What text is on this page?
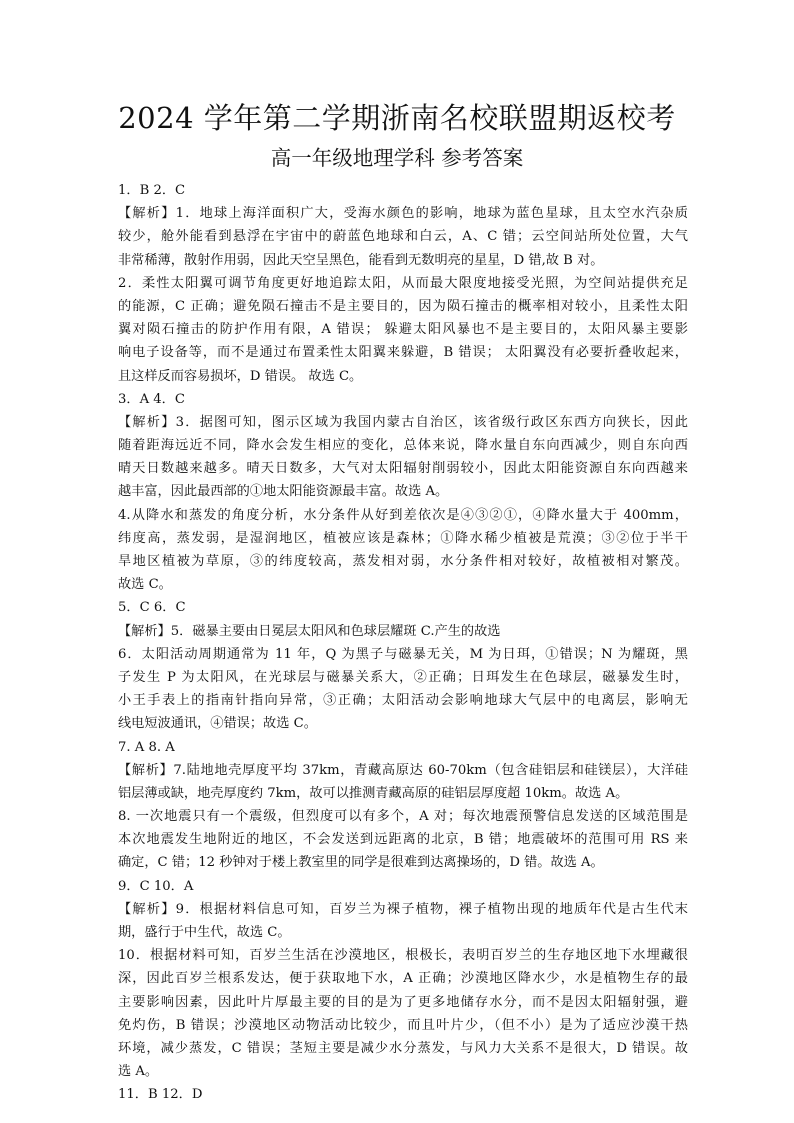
2024 学年第二学期浙南名校联盟期返校考
高一年级地理学科 参考答案
1．B 2．C
【解析】1．地球上海洋面积广大，受海水颜色的影响，地球为蓝色星球，且太空水汽杂质
较少，舱外能看到悬浮在宇宙中的蔚蓝色地球和白云，A、C 错；云空间站所处位置，大气
非常稀薄，散射作用弱，因此天空呈黑色，能看到无数明亮的星星，D 错,故 B 对。
2．柔性太阳翼可调节角度更好地追踪太阳，从而最大限度地接受光照，为空间站提供充足
的能源，C 正确；避免陨石撞击不是主要目的，因为陨石撞击的概率相对较小，且柔性太阳
翼对陨石撞击的防护作用有限，A 错误； 躲避太阳风暴也不是主要目的，太阳风暴主要影
响电子设备等，而不是通过布置柔性太阳翼来躲避，B 错误； 太阳翼没有必要折叠收起来，
且这样反而容易损坏，D 错误。 故选 C。
3．A 4．C
【解析】3．据图可知，图示区域为我国内蒙古自治区，该省级行政区东西方向狭长，因此
随着距海远近不同，降水会发生相应的变化，总体来说，降水量自东向西减少，则自东向西
晴天日数越来越多。晴天日数多，大气对太阳辐射削弱较小，因此太阳能资源自东向西越来
越丰富，因此最西部的①地太阳能资源最丰富。故选 A。
4.从降水和蒸发的角度分析，水分条件从好到差依次是④③②①，④降水量大于 400mm，
纬度高，蒸发弱，是湿润地区，植被应该是森林；①降水稀少植被是荒漠；③②位于半干
旱地区植被为草原，③的纬度较高，蒸发相对弱，水分条件相对较好，故植被相对繁茂。
故选 C。
5．C 6．C
【解析】5．磁暴主要由日冕层太阳风和色球层耀斑 C.产生的故选
6．太阳活动周期通常为 11 年，Q 为黑子与磁暴无关，M 为日珥，①错误；N 为耀斑，黑
子发生 P 为太阳风，在光球层与磁暴关系大，②正确；日珥发生在色球层，磁暴发生时，
小王手表上的指南针指向异常，③正确；太阳活动会影响地球大气层中的电离层，影响无
线电短波通讯，④错误；故选 C。
7. A 8. A
【解析】7.陆地地壳厚度平均 37km，青藏高原达 60-70km（包含硅铝层和硅镁层），大洋硅
铝层薄或缺，地壳厚度约 7km，故可以推测青藏高原的硅铝层厚度超 10km。故选 A。
8. 一次地震只有一个震级，但烈度可以有多个，A 对；每次地震预警信息发送的区域范围是
本次地震发生地附近的地区，不会发送到远距离的北京，B 错；地震破坏的范围可用 RS 来
确定，C 错；12 秒钟对于楼上教室里的同学是很难到达离操场的，D 错。故选 A。
9．C 10．A
【解析】9．根据材料信息可知，百岁兰为裸子植物，裸子植物出现的地质年代是古生代末
期，盛行于中生代，故选 C。
10．根据材料可知，百岁兰生活在沙漠地区，根极长，表明百岁兰的生存地区地下水埋藏很
深，因此百岁兰根系发达，便于获取地下水，A 正确；沙漠地区降水少，水是植物生存的最
主要影响因素，因此叶片厚最主要的目的是为了更多地储存水分，而不是因太阳辐射强，避
免灼伤，B 错误；沙漠地区动物活动比较少，而且叶片少，（但不小）是为了适应沙漠干热
环境，减少蒸发，C 错误；茎短主要是减少水分蒸发，与风力大关系不是很大，D 错误。故
选 A。
11．B 12．D
